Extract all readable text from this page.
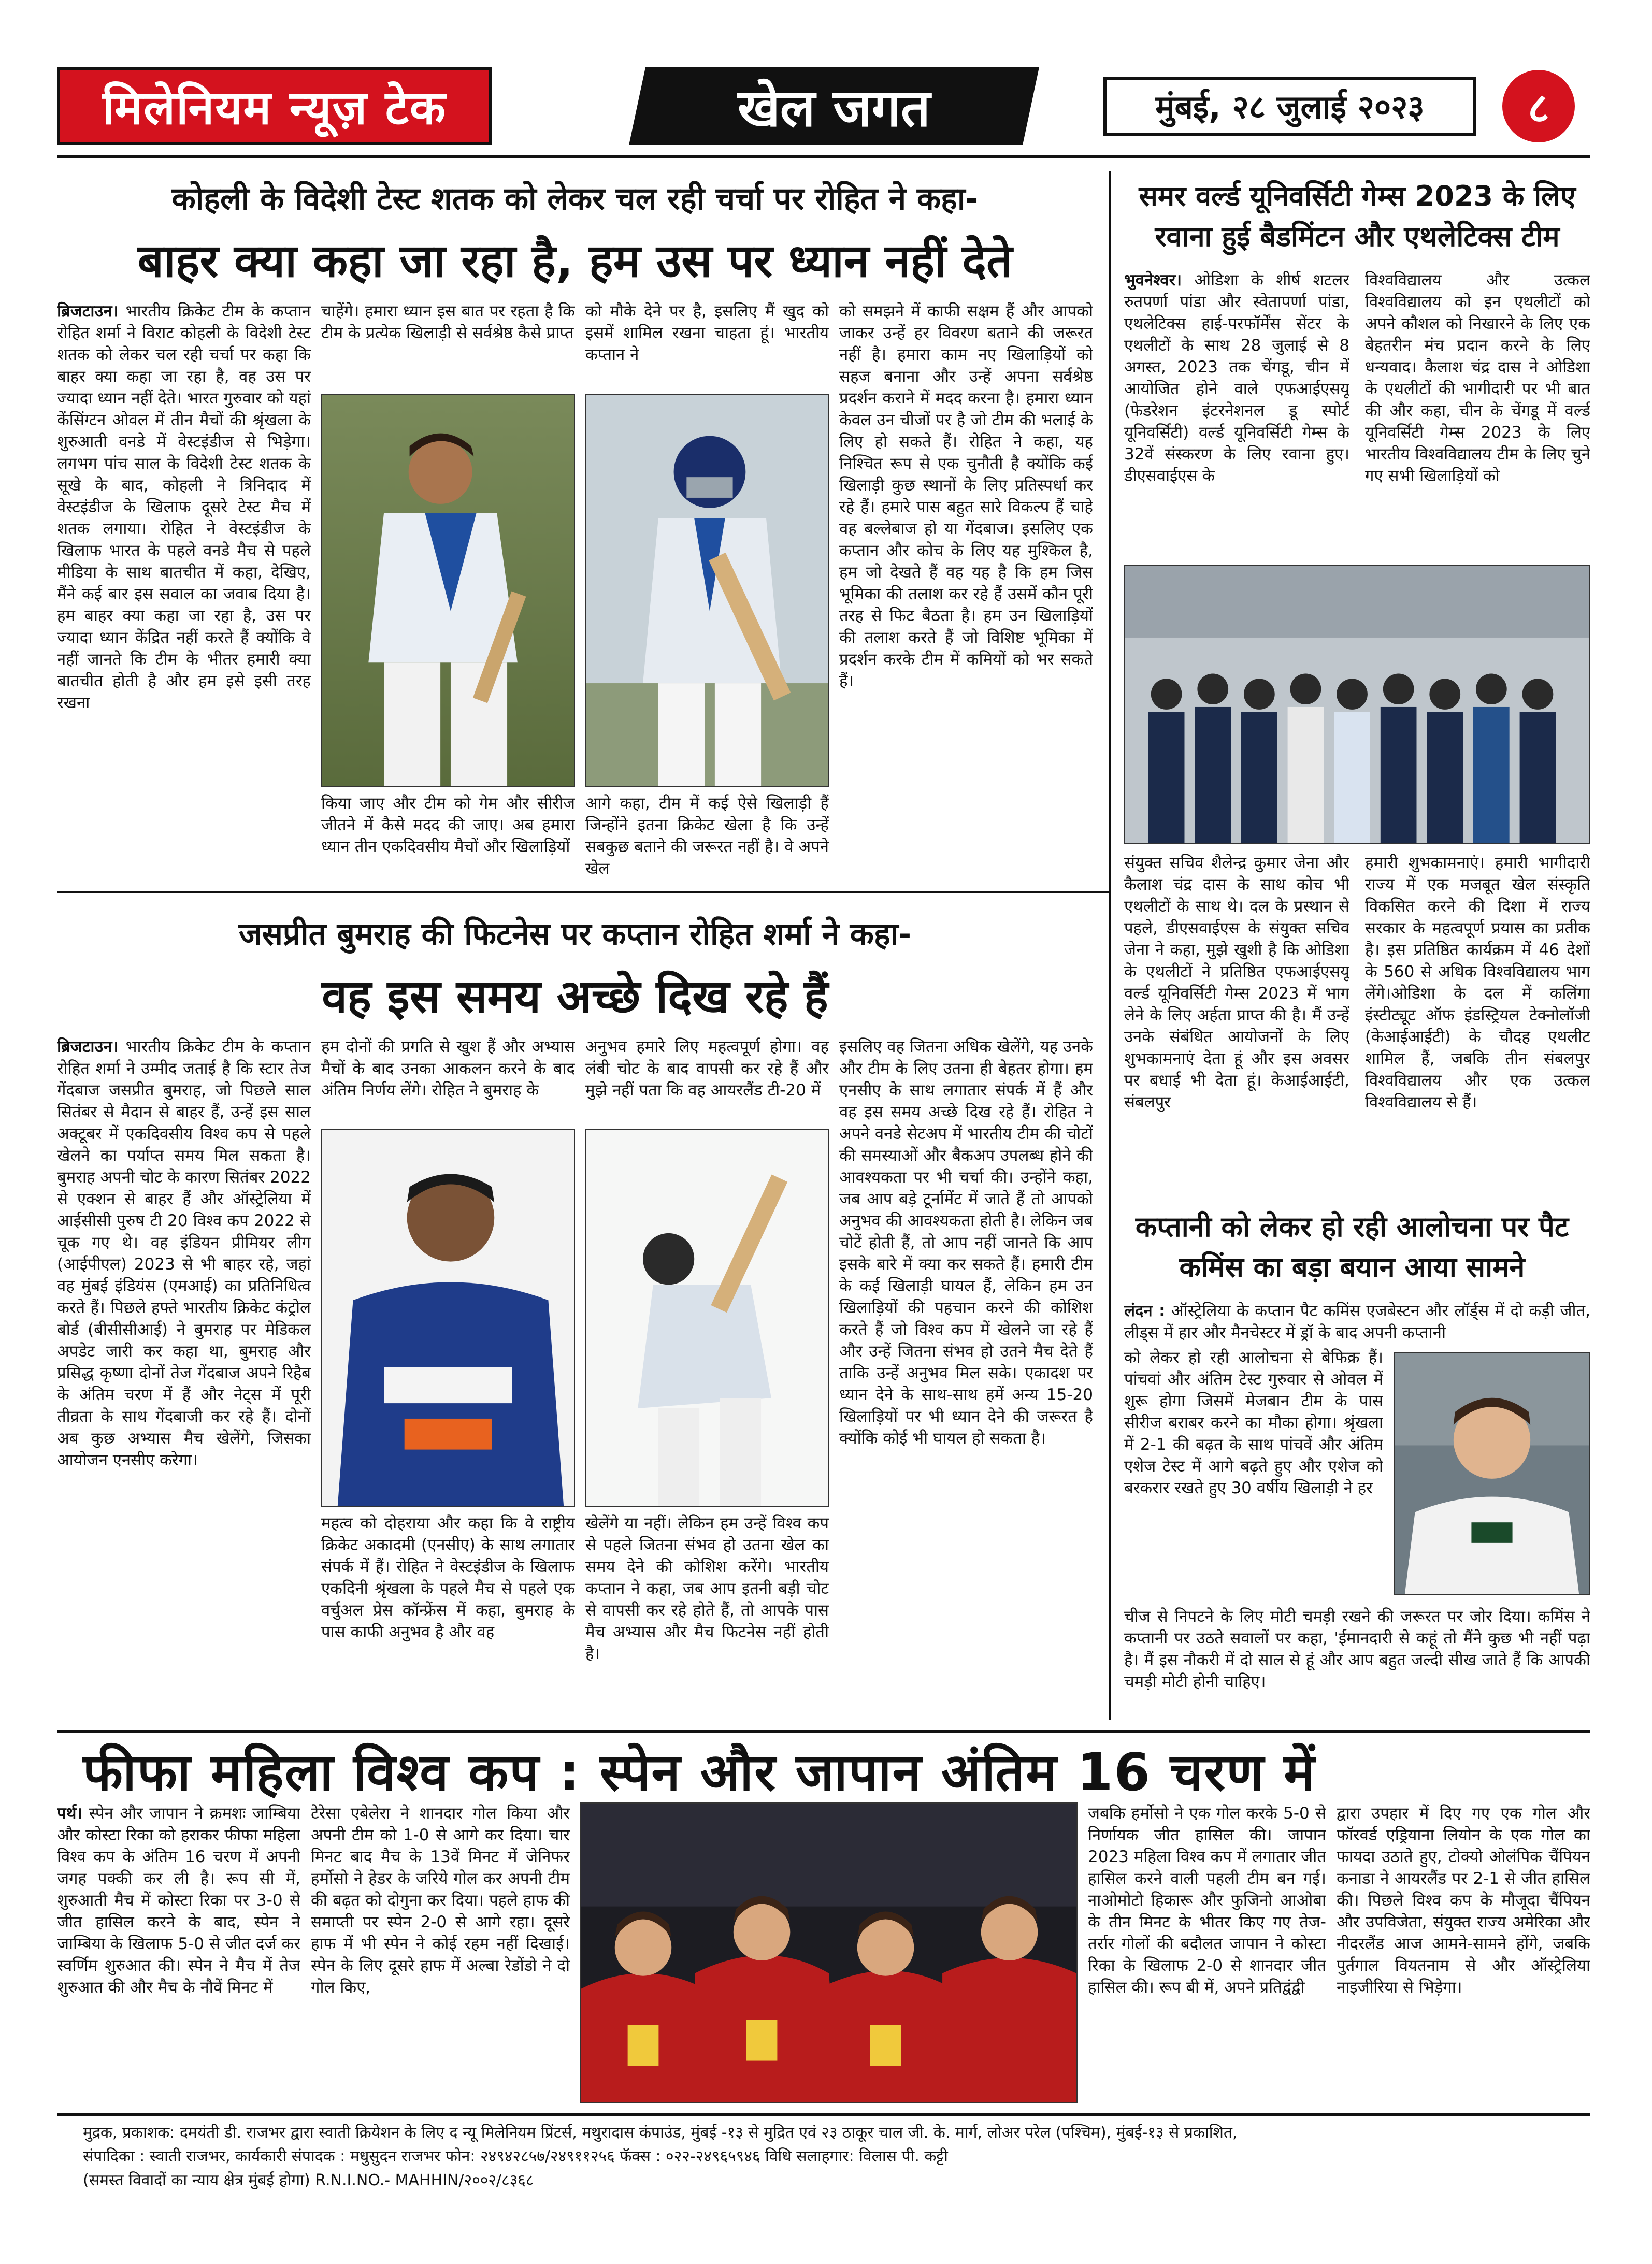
मिलेनियम न्यूज़ टेक	खेल जगत	मुंबई, २८ जुलाई २०२३	८
कोहली के विदेशी टेस्ट शतक को लेकर चल रही चर्चा पर रोहित ने कहा-
बाहर क्या कहा जा रहा है, हम उस पर ध्यान नहीं देते
ब्रिजटाउन। भारतीय क्रिकेट टीम के कप्तान रोहित शर्मा ने विराट कोहली के विदेशी टेस्ट शतक को लेकर चल रही चर्चा पर कहा कि बाहर क्या कहा जा रहा है, वह उस पर ज्यादा ध्यान नहीं देते। भारत गुरुवार को यहां केंसिंग्टन ओवल में तीन मैचों की श्रृंखला के शुरुआती वनडे में वेस्टइंडीज से भिड़ेगा। लगभग पांच साल के विदेशी टेस्ट शतक के सूखे के बाद, कोहली ने त्रिनिदाद में वेस्टइंडीज के खिलाफ दूसरे टेस्ट मैच में शतक लगाया। रोहित ने वेस्टइंडीज के खिलाफ भारत के पहले वनडे मैच से पहले मीडिया के साथ बातचीत में कहा, देखिए, मैंने कई बार इस सवाल का जवाब दिया है। हम बाहर क्या कहा जा रहा है, उस पर ज्यादा ध्यान केंद्रित नहीं करते हैं क्योंकि वे नहीं जानते कि टीम के भीतर हमारी क्या बातचीत होती है और हम इसे इसी तरह रखना
चाहेंगे। हमारा ध्यान इस बात पर रहता है कि टीम के प्रत्येक खिलाड़ी से सर्वश्रेष्ठ कैसे प्राप्त
को मौके देने पर है, इसलिए मैं खुद को इसमें शामिल रखना चाहता हूं। भारतीय कप्तान ने
को समझने में काफी सक्षम हैं और आपको जाकर उन्हें हर विवरण बताने की जरूरत नहीं है। हमारा काम नए खिलाड़ियों को सहज बनाना और उन्हें अपना सर्वश्रेष्ठ प्रदर्शन कराने में मदद करना है। हमारा ध्यान केवल उन चीजों पर है जो टीम की भलाई के लिए हो सकते हैं। रोहित ने कहा, यह निश्चित रूप से एक चुनौती है क्योंकि कई खिलाड़ी कुछ स्थानों के लिए प्रतिस्पर्धा कर रहे हैं। हमारे पास बहुत सारे विकल्प हैं चाहे वह बल्लेबाज हो या गेंदबाज। इसलिए एक कप्तान और कोच के लिए यह मुश्किल है, हम जो देखते हैं वह यह है कि हम जिस भूमिका की तलाश कर रहे हैं उसमें कौन पूरी तरह से फिट बैठता है। हम उन खिलाड़ियों की तलाश करते हैं जो विशिष्ट भूमिका में प्रदर्शन करके टीम में कमियों को भर सकते हैं।
किया जाए और टीम को गेम और सीरीज जीतने में कैसे मदद की जाए। अब हमारा ध्यान तीन एकदिवसीय मैचों और खिलाड़ियों
आगे कहा, टीम में कई ऐसे खिलाड़ी हैं जिन्होंने इतना क्रिकेट खेला है कि उन्हें सबकुछ बताने की जरूरत नहीं है। वे अपने खेल
समर वर्ल्ड यूनिवर्सिटी गेम्स 2023 के लिए रवाना हुई बैडमिंटन और एथलेटिक्स टीम
भुवनेश्वर। ओडिशा के शीर्ष शटलर रुतपर्णा पांडा और स्वेतापर्णा पांडा, एथलेटिक्स हाई-परफॉर्मेंस सेंटर के एथलीटों के साथ 28 जुलाई से 8 अगस्त, 2023 तक चेंगडू, चीन में आयोजित होने वाले एफआईएसयू (फेडरेशन इंटरनेशनल डू स्पोर्ट यूनिवर्सिटी) वर्ल्ड यूनिवर्सिटी गेम्स के 32वें संस्करण के लिए रवाना हुए। डीएसवाईएस के
विश्वविद्यालय और उत्कल विश्वविद्यालय को इन एथलीटों को अपने कौशल को निखारने के लिए एक बेहतरीन मंच प्रदान करने के लिए धन्यवाद। कैलाश चंद्र दास ने ओडिशा के एथलीटों की भागीदारी पर भी बात की और कहा, चीन के चेंगडू में वर्ल्ड यूनिवर्सिटी गेम्स 2023 के लिए भारतीय विश्वविद्यालय टीम के लिए चुने गए सभी खिलाड़ियों को
संयुक्त सचिव शैलेन्द्र कुमार जेना और कैलाश चंद्र दास के साथ कोच भी एथलीटों के साथ थे। दल के प्रस्थान से पहले, डीएसवाईएस के संयुक्त सचिव जेना ने कहा, मुझे खुशी है कि ओडिशा के एथलीटों ने प्रतिष्ठित एफआईएसयू वर्ल्ड यूनिवर्सिटी गेम्स 2023 में भाग लेने के लिए अर्हता प्राप्त की है। मैं उन्हें उनके संबंधित आयोजनों के लिए शुभकामनाएं देता हूं और इस अवसर पर बधाई भी देता हूं। केआईआईटी, संबलपुर
हमारी शुभकामनाएं। हमारी भागीदारी राज्य में एक मजबूत खेल संस्कृति विकसित करने की दिशा में राज्य सरकार के महत्वपूर्ण प्रयास का प्रतीक है। इस प्रतिष्ठित कार्यक्रम में 46 देशों के 560 से अधिक विश्वविद्यालय भाग लेंगे।ओडिशा के दल में कलिंगा इंस्टीट्यूट ऑफ इंडस्ट्रियल टेक्नोलॉजी (केआईआईटी) के चौदह एथलीट शामिल हैं, जबकि तीन संबलपुर विश्वविद्यालय और एक उत्कल विश्वविद्यालय से हैं।
जसप्रीत बुमराह की फिटनेस पर कप्तान रोहित शर्मा ने कहा-
वह इस समय अच्छे दिख रहे हैं
ब्रिजटाउन। भारतीय क्रिकेट टीम के कप्तान रोहित शर्मा ने उम्मीद जताई है कि स्टार तेज गेंदबाज जसप्रीत बुमराह, जो पिछले साल सितंबर से मैदान से बाहर हैं, उन्हें इस साल अक्टूबर में एकदिवसीय विश्व कप से पहले खेलने का पर्याप्त समय मिल सकता है।बुमराह अपनी चोट के कारण सितंबर 2022 से एक्शन से बाहर हैं और ऑस्ट्रेलिया में आईसीसी पुरुष टी 20 विश्व कप 2022 से चूक गए थे। वह इंडियन प्रीमियर लीग (आईपीएल) 2023 से भी बाहर रहे, जहां वह मुंबई इंडियंस (एमआई) का प्रतिनिधित्व करते हैं। पिछले हफ्ते भारतीय क्रिकेट कंट्रोल बोर्ड (बीसीसीआई) ने बुमराह पर मेडिकल अपडेट जारी कर कहा था, बुमराह और प्रसिद्ध कृष्णा दोनों तेज गेंदबाज अपने रिहैब के अंतिम चरण में हैं और नेट्स में पूरी तीव्रता के साथ गेंदबाजी कर रहे हैं। दोनों अब कुछ अभ्यास मैच खेलेंगे, जिसका आयोजन एनसीए करेगा।
हम दोनों की प्रगति से खुश हैं और अभ्यास मैचों के बाद उनका आकलन करने के बाद अंतिम निर्णय लेंगे। रोहित ने बुमराह के
अनुभव हमारे लिए महत्वपूर्ण होगा। वह लंबी चोट के बाद वापसी कर रहे हैं और मुझे नहीं पता कि वह आयरलैंड टी-20 में
इसलिए वह जितना अधिक खेलेंगे, यह उनके और टीम के लिए उतना ही बेहतर होगा। हम एनसीए के साथ लगातार संपर्क में हैं और वह इस समय अच्छे दिख रहे हैं। रोहित ने अपने वनडे सेटअप में भारतीय टीम की चोटों की समस्याओं और बैकअप उपलब्ध होने की आवश्यकता पर भी चर्चा की। उन्होंने कहा, जब आप बड़े टूर्नामेंट में जाते हैं तो आपको अनुभव की आवश्यकता होती है। लेकिन जब चोटें होती हैं, तो आप नहीं जानते कि आप इसके बारे में क्या कर सकते हैं। हमारी टीम के कई खिलाड़ी घायल हैं, लेकिन हम उन खिलाड़ियों की पहचान करने की कोशिश करते हैं जो विश्व कप में खेलने जा रहे हैं और उन्हें जितना संभव हो उतने मैच देते हैं ताकि उन्हें अनुभव मिल सके। एकादश पर ध्यान देने के साथ-साथ हमें अन्य 15-20 खिलाड़ियों पर भी ध्यान देने की जरूरत है क्योंकि कोई भी घायल हो सकता है।
महत्व को दोहराया और कहा कि वे राष्ट्रीय क्रिकेट अकादमी (एनसीए) के साथ लगातार संपर्क में हैं। रोहित ने वेस्टइंडीज के खिलाफ एकदिनी श्रृंखला के पहले मैच से पहले एक वर्चुअल प्रेस कॉन्फ्रेंस में कहा, बुमराह के पास काफी अनुभव है और वह
खेलेंगे या नहीं। लेकिन हम उन्हें विश्व कप से पहले जितना संभव हो उतना खेल का समय देने की कोशिश करेंगे। भारतीय कप्तान ने कहा, जब आप इतनी बड़ी चोट से वापसी कर रहे होते हैं, तो आपके पास मैच अभ्यास और मैच फिटनेस नहीं होती है।
कप्तानी को लेकर हो रही आलोचना पर पैट कमिंस का बड़ा बयान आया सामने
लंदन : ऑस्ट्रेलिया के कप्तान पैट कमिंस एजबेस्टन और लॉर्ड्स में दो कड़ी जीत, लीड्स में हार और मैनचेस्टर में ड्रॉ के बाद अपनी कप्तानी
को लेकर हो रही आलोचना से बेफिक्र हैं। पांचवां और अंतिम टेस्ट गुरुवार से ओवल में शुरू होगा जिसमें मेजबान टीम के पास सीरीज बराबर करने का मौका होगा। श्रृंखला में 2-1 की बढ़त के साथ पांचवें और अंतिम एशेज टेस्ट में आगे बढ़ते हुए और एशेज को बरकरार रखते हुए 30 वर्षीय खिलाड़ी ने हर
चीज से निपटने के लिए मोटी चमड़ी रखने की जरूरत पर जोर दिया। कमिंस ने कप्तानी पर उठते सवालों पर कहा, 'ईमानदारी से कहूं तो मैंने कुछ भी नहीं पढ़ा है। मैं इस नौकरी में दो साल से हूं और आप बहुत जल्दी सीख जाते हैं कि आपकी चमड़ी मोटी होनी चाहिए।
फीफा महिला विश्व कप : स्पेन और जापान अंतिम 16 चरण में
पर्थ। स्पेन और जापान ने क्रमशः जाम्बिया और कोस्टा रिका को हराकर फीफा महिला विश्व कप के अंतिम 16 चरण में अपनी जगह पक्की कर ली है। रूप सी में, शुरुआती मैच में कोस्टा रिका पर 3-0 से जीत हासिल करने के बाद, स्पेन ने जाम्बिया के खिलाफ 5-0 से जीत दर्ज कर स्वर्णिम शुरुआत की। स्पेन ने मैच में तेज शुरुआत की और मैच के नौवें मिनट में
टेरेसा एबेलेरा ने शानदार गोल किया और अपनी टीम को 1-0 से आगे कर दिया। चार मिनट बाद मैच के 13वें मिनट में जेनिफर हर्मोसो ने हेडर के जरिये गोल कर अपनी टीम की बढ़त को दोगुना कर दिया। पहले हाफ की समाप्ती पर स्पेन 2-0 से आगे रहा। दूसरे हाफ में भी स्पेन ने कोई रहम नहीं दिखाई। स्पेन के लिए दूसरे हाफ में अल्बा रेडोंडो ने दो गोल किए,
जबकि हर्मोसो ने एक गोल करके 5-0 से निर्णायक जीत हासिल की। जापान 2023 महिला विश्व कप में लगातार जीत हासिल करने वाली पहली टीम बन गई। नाओमोटो हिकारू और फुजिनो आओबा के तीन मिनट के भीतर किए गए तेज-तर्रार गोलों की बदौलत जापान ने कोस्टा रिका के खिलाफ 2-0 से शानदार जीत हासिल की। रूप बी में, अपने प्रतिद्वंद्वी
द्वारा उपहार में दिए गए एक गोल और फॉरवर्ड एड्रियाना लियोन के एक गोल का फायदा उठाते हुए, टोक्यो ओलंपिक चैंपियन कनाडा ने आयरलैंड पर 2-1 से जीत हासिल की। पिछले विश्व कप के मौजूदा चैंपियन और उपविजेता, संयुक्त राज्य अमेरिका और नीदरलैंड आज आमने-सामने होंगे, जबकि पुर्तगाल वियतनाम से और ऑस्ट्रेलिया नाइजीरिया से भिड़ेगा।
मुद्रक, प्रकाशक: दमयंती डी. राजभर द्वारा स्वाती क्रियेशन के लिए द न्यू मिलेनियम प्रिंटर्स, मथुरादास कंपाउंड, मुंबई -१३ से मुद्रित एवं २३ ठाकूर चाल जी. के. मार्ग, लोअर परेल (पश्चिम), मुंबई-१३ से प्रकाशित,
संपादिका : स्वाती राजभर, कार्यकारी संपादक : मधुसुदन राजभर फोन: २४९४२८५७/२४९११२५६ फॅक्स : ०२२-२४९६५९४६ विधि सलाहगार: विलास पी. कट्टी
(समस्त विवादों का न्याय क्षेत्र मुंबई होगा) R.N.I.NO.- MAHHIN/२००२/८३६८
